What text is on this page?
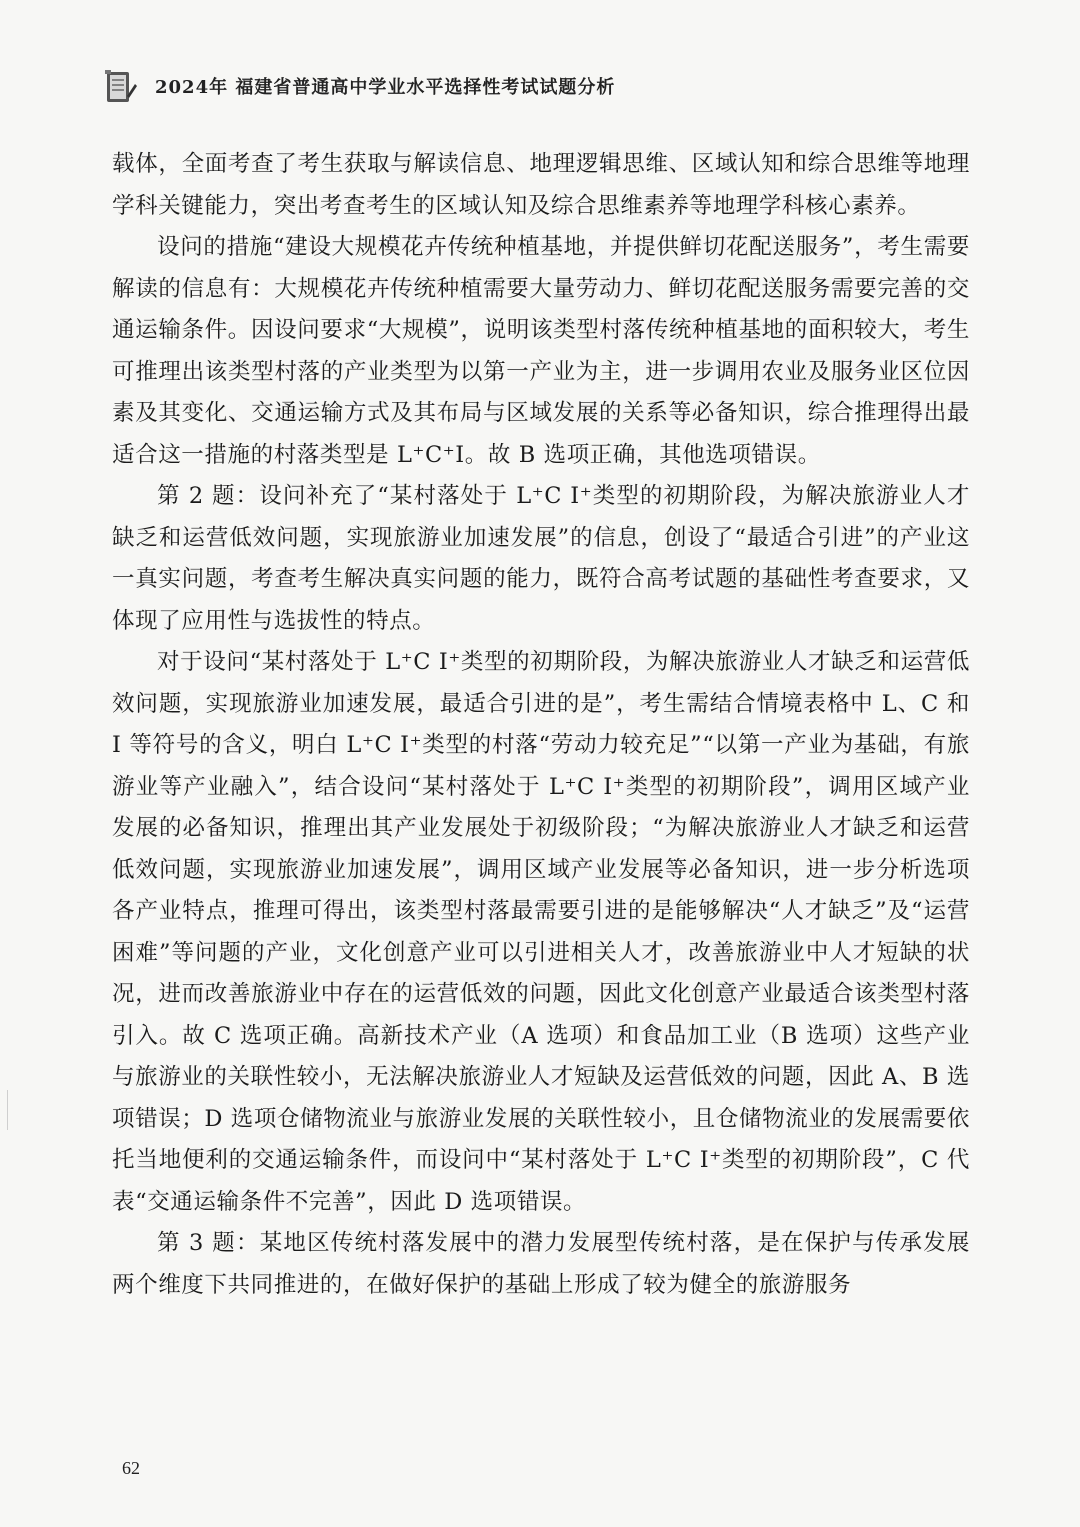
2024年 福建省普通高中学业水平选择性考试试题分析

载体，全面考查了考生获取与解读信息、地理逻辑思维、区域认知和综合思维等地理学科关键能力，突出考查考生的区域认知及综合思维素养等地理学科核心素养。

设问的措施“建设大规模花卉传统种植基地，并提供鲜切花配送服务”，考生需要解读的信息有：大规模花卉传统种植需要大量劳动力、鲜切花配送服务需要完善的交通运输条件。因设问要求“大规模”，说明该类型村落传统种植基地的面积较大，考生可推理出该类型村落的产业类型为以第一产业为主，进一步调用农业及服务业区位因素及其变化、交通运输方式及其布局与区域发展的关系等必备知识，综合推理得出最适合这一措施的村落类型是 L⁺C⁺I。故 B 选项正确，其他选项错误。

第 2 题：设问补充了“某村落处于 L⁺C I⁺类型的初期阶段，为解决旅游业人才缺乏和运营低效问题，实现旅游业加速发展”的信息，创设了“最适合引进”的产业这一真实问题，考查考生解决真实问题的能力，既符合高考试题的基础性考查要求，又体现了应用性与选拔性的特点。

对于设问“某村落处于 L⁺C I⁺类型的初期阶段，为解决旅游业人才缺乏和运营低效问题，实现旅游业加速发展，最适合引进的是”，考生需结合情境表格中 L、C 和 I 等符号的含义，明白 L⁺C I⁺类型的村落“劳动力较充足”“以第一产业为基础，有旅游业等产业融入”，结合设问“某村落处于 L⁺C I⁺类型的初期阶段”，调用区域产业发展的必备知识，推理出其产业发展处于初级阶段；“为解决旅游业人才缺乏和运营低效问题，实现旅游业加速发展”，调用区域产业发展等必备知识，进一步分析选项各产业特点，推理可得出，该类型村落最需要引进的是能够解决“人才缺乏”及“运营困难”等问题的产业，文化创意产业可以引进相关人才，改善旅游业中人才短缺的状况，进而改善旅游业中存在的运营低效的问题，因此文化创意产业最适合该类型村落引入。故 C 选项正确。高新技术产业（A 选项）和食品加工业（B 选项）这些产业与旅游业的关联性较小，无法解决旅游业人才短缺及运营低效的问题，因此 A、B 选项错误；D 选项仓储物流业与旅游业发展的关联性较小，且仓储物流业的发展需要依托当地便利的交通运输条件，而设问中“某村落处于 L⁺C I⁺类型的初期阶段”，C 代表“交通运输条件不完善”，因此 D 选项错误。

第 3 题：某地区传统村落发展中的潜力发展型传统村落，是在保护与传承发展两个维度下共同推进的，在做好保护的基础上形成了较为健全的旅游服务

62
